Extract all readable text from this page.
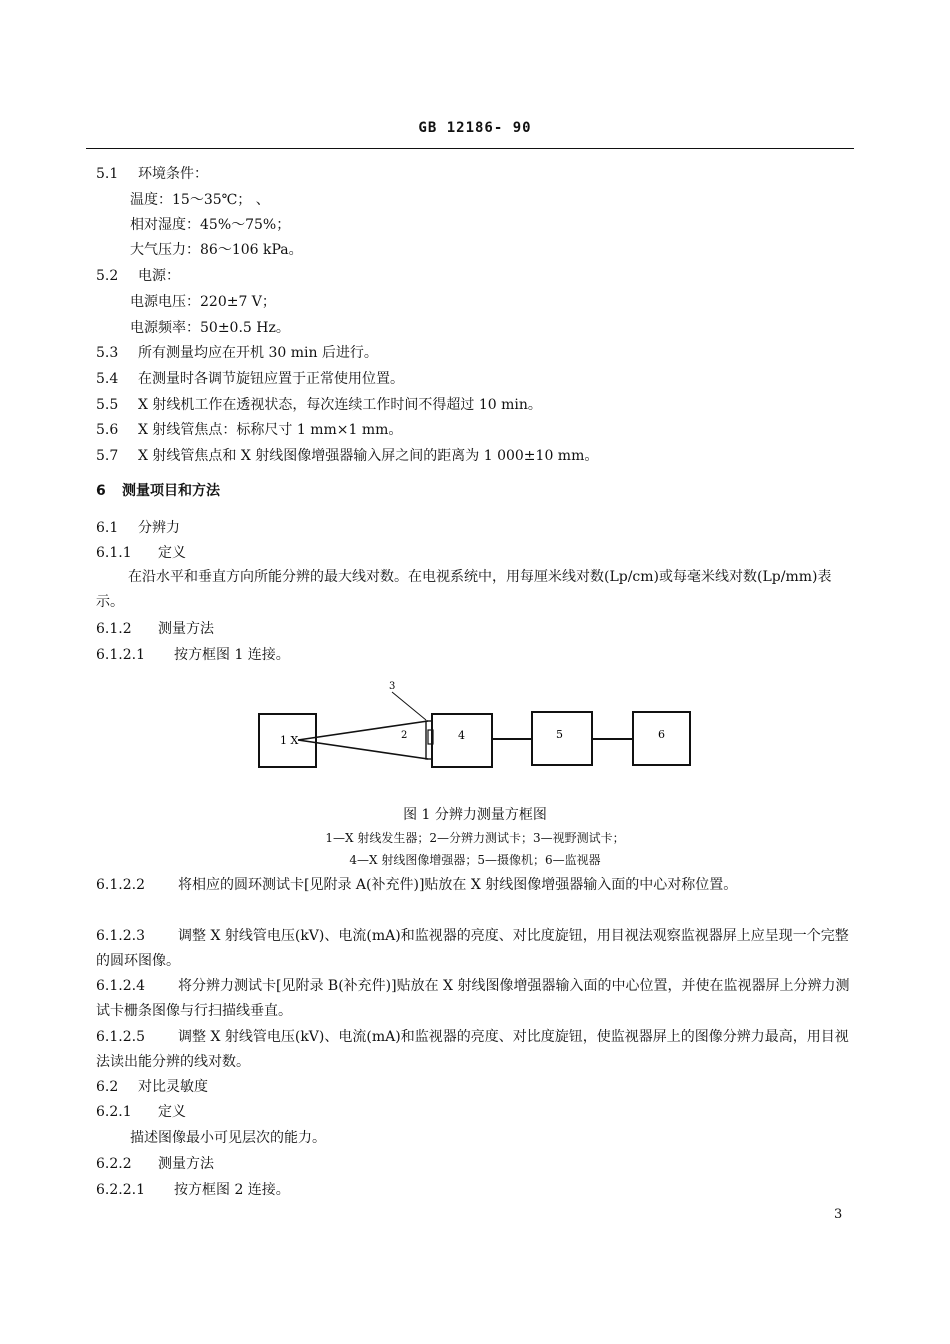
GB 12186- 90
5.1 环境条件：
温度：15～35℃； 、
相对湿度：45%～75%；
大气压力：86～106 kPa。
5.2 电源：
电源电压：220±7 V；
电源频率：50±0.5 Hz。
5.3 所有测量均应在开机 30 min 后进行。
5.4 在测量时各调节旋钮应置于正常使用位置。
5.5 X 射线机工作在透视状态，每次连续工作时间不得超过 10 min。
5.6 X 射线管焦点：标称尺寸 1 mm×1 mm。
5.7 X 射线管焦点和 X 射线图像增强器输入屏之间的距离为 1 000±10 mm。
6 测量项目和方法
6.1 分辨力
6.1.1 定义
在沿水平和垂直方向所能分辨的最大线对数。在电视系统中，用每厘米线对数(Lp/cm)或每毫米线对数(Lp/mm)表示。
6.1.2 测量方法
6.1.2.1 按方框图 1 连接。
1 X	2
3
4	5	6
图 1 分辨力测量方框图
1—X 射线发生器；2—分辨力测试卡；3—视野测试卡；
4—X 射线图像增强器；5—摄像机；6—监视器
6.1.2.2 将相应的圆环测试卡[见附录 A(补充件)]贴放在 X 射线图像增强器输入面的中心对称位置。
6.1.2.3 调整 X 射线管电压(kV)、电流(mA)和监视器的亮度、对比度旋钮，用目视法观察监视器屏上应呈现一个完整的圆环图像。
6.1.2.4 将分辨力测试卡[见附录 B(补充件)]贴放在 X 射线图像增强器输入面的中心位置，并使在监视器屏上分辨力测试卡栅条图像与行扫描线垂直。
6.1.2.5 调整 X 射线管电压(kV)、电流(mA)和监视器的亮度、对比度旋钮，使监视器屏上的图像分辨力最高，用目视法读出能分辨的线对数。
6.2 对比灵敏度
6.2.1 定义
描述图像最小可见层次的能力。
6.2.2 测量方法
6.2.2.1 按方框图 2 连接。
3
